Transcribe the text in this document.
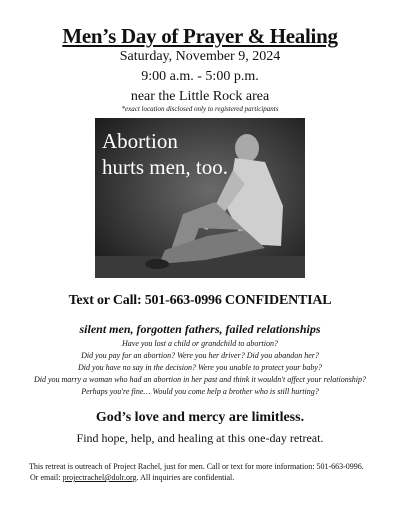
Men’s Day of Prayer & Healing
Saturday, November 9, 2024
9:00 a.m. - 5:00 p.m.
near the Little Rock area
*exact location disclosed only to registered participants
Abortion
hurts men, too.
Text or Call: 501-663-0996 CONFIDENTIAL
silent men, forgotten fathers, failed relationships
Have you lost a child or grandchild to abortion?
Did you pay for an abortion? Were you her driver? Did you abandon her?
Did you have no say in the decision? Were you unable to protect your baby?
Did you marry a woman who had an abortion in her past and think it wouldn't affect your relationship?
Perhaps you're fine… Would you come help a brother who is still hurting?
God’s love and mercy are limitless.
Find hope, help, and healing at this one-day retreat.
This retreat is outreach of Project Rachel, just for men. Call or text for more information: 501-663-0996.
Or email: projectrachel@dolr.org. All inquiries are confidential.
